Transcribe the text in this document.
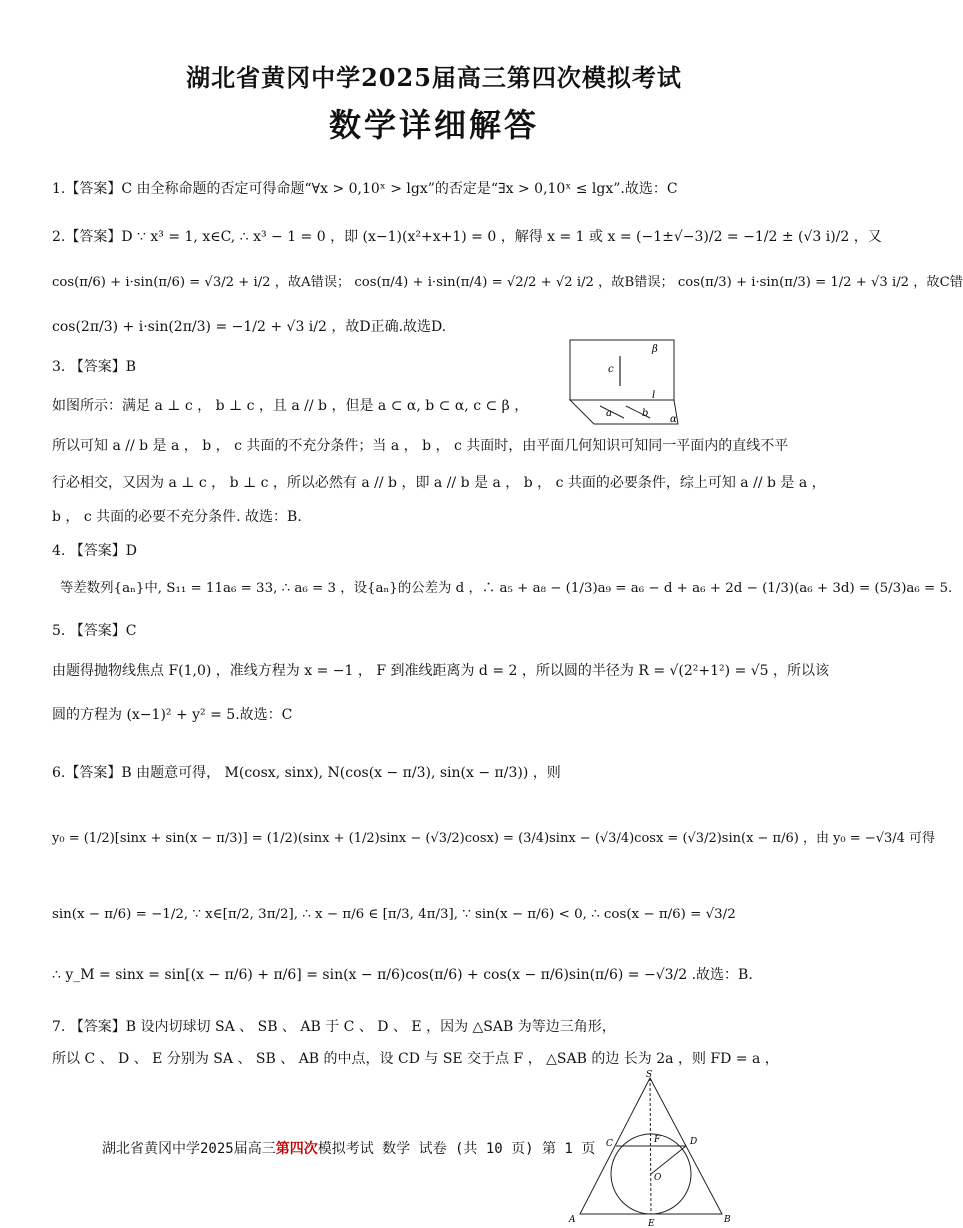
湖北省黄冈中学2025届高三第四次模拟考试
数学详细解答
1.【答案】C 由全称命题的否定可得命题“∀x > 0,10ˣ > lgx”的否定是“∃x > 0,10ˣ ≤ lgx”.故选：C
2.【答案】D ∵ x³ = 1, x∈C, ∴ x³ − 1 = 0 ，即 (x−1)(x²+x+1) = 0 ，解得 x = 1 或 x = (−1±√−3)/2 = −1/2 ± (√3 i)/2 ，又
cos(π/6) + i·sin(π/6) = √3/2 + i/2 ，故A错误； cos(π/4) + i·sin(π/4) = √2/2 + √2 i/2 ，故B错误； cos(π/3) + i·sin(π/3) = 1/2 + √3 i/2 ，故C错
cos(2π/3) + i·sin(2π/3) = −1/2 + √3 i/2 ，故D正确.故选D.
3. 【答案】B
如图所示：满足 a ⊥ c ， b ⊥ c ，且 a // b ，但是 a ⊂ α, b ⊂ α, c ⊂ β ，
所以可知 a // b 是 a ， b ， c 共面的不充分条件；当 a ， b ， c 共面时，由平面几何知识可知同一平面内的直线不平
行必相交，又因为 a ⊥ c ， b ⊥ c ，所以必然有 a // b ，即 a // b 是 a ， b ， c 共面的必要条件，综上可知 a // b 是 a ，
b ， c 共面的必要不充分条件. 故选：B.
β
c
l
a	b
α
4. 【答案】D
等差数列{aₙ}中, S₁₁ = 11a₆ = 33, ∴ a₆ = 3 ，设{aₙ}的公差为 d ，∴ a₅ + a₈ − (1/3)a₉ = a₆ − d + a₆ + 2d − (1/3)(a₆ + 3d) = (5/3)a₆ = 5.
5. 【答案】C
由题得抛物线焦点 F(1,0) ，准线方程为 x = −1 ， F 到准线距离为 d = 2 ，所以圆的半径为 R = √(2²+1²) = √5 ，所以该
圆的方程为 (x−1)² + y² = 5.故选：C
6.【答案】B 由题意可得， M(cosx, sinx), N(cos(x − π/3), sin(x − π/3)) ，则
y₀ = (1/2)[sinx + sin(x − π/3)] = (1/2)(sinx + (1/2)sinx − (√3/2)cosx) = (3/4)sinx − (√3/4)cosx = (√3/2)sin(x − π/6) ，由 y₀ = −√3/4 可得
sin(x − π/6) = −1/2, ∵ x∈[π/2, 3π/2], ∴ x − π/6 ∈ [π/3, 4π/3], ∵ sin(x − π/6) < 0, ∴ cos(x − π/6) = √3/2
∴ y_M = sinx = sin[(x − π/6) + π/6] = sin(x − π/6)cos(π/6) + cos(x − π/6)sin(π/6) = −√3/2 .故选：B.
7. 【答案】B 设内切球切 SA 、 SB 、 AB 于 C 、 D 、 E ，因为 △SAB 为等边三角形，
所以 C 、 D 、 E 分别为 SA 、 SB 、 AB 的中点，设 CD 与 SE 交于点 F ， △SAB 的边 长为 2a ，则 FD = a ，
湖北省黄冈中学2025届高三第四次模拟考试 数学 试卷 (共 10 页) 第 1 页
S
A	B
C	D
E
F
O
